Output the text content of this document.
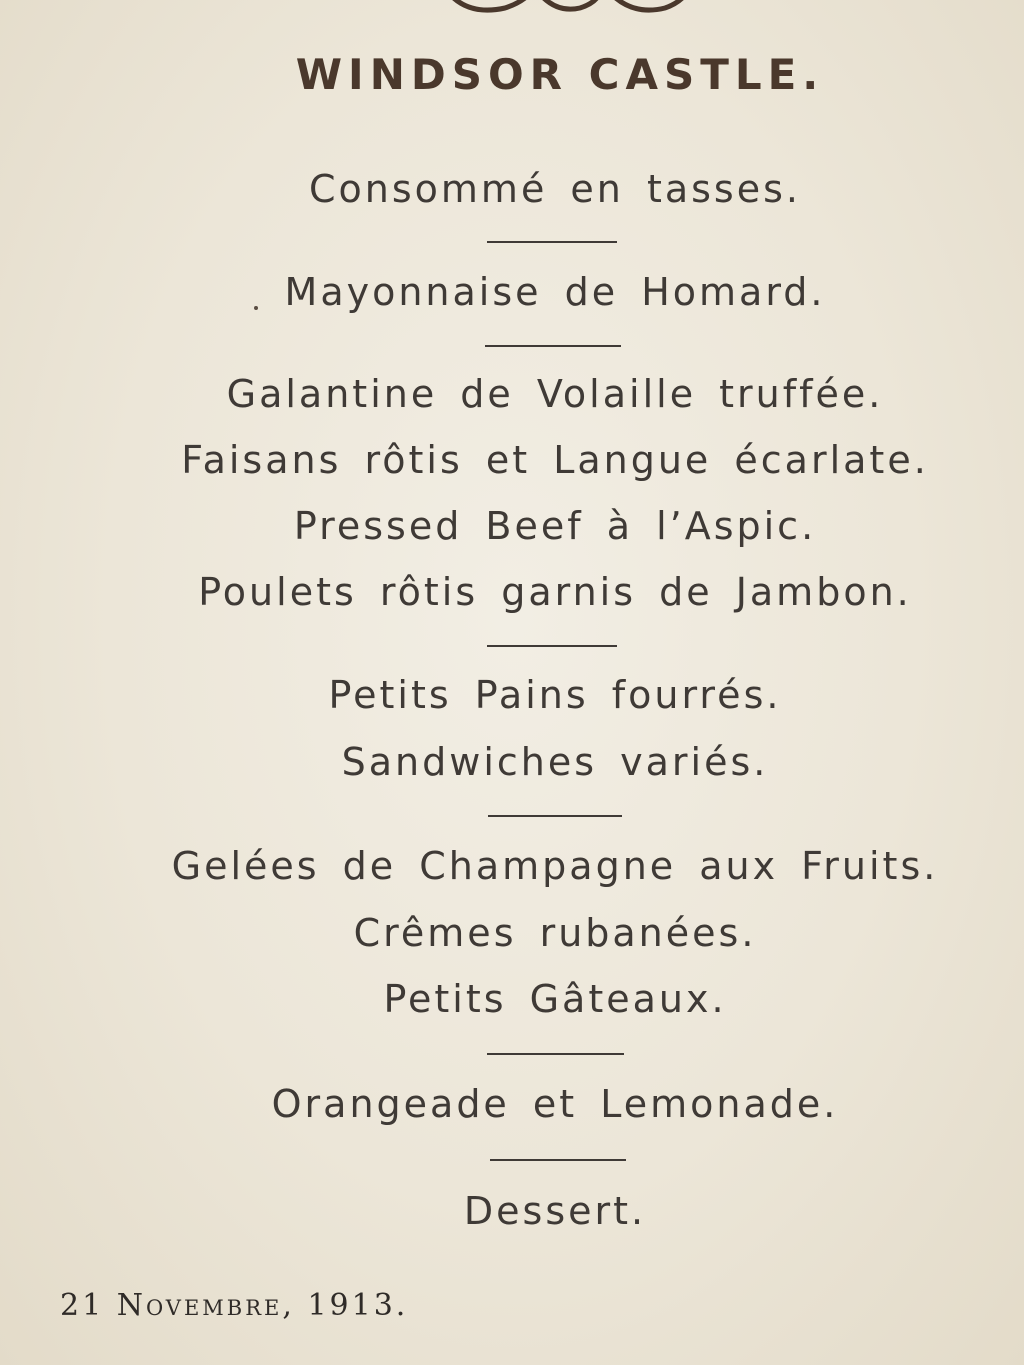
WINDSOR CASTLE.
Consommé en tasses.
Mayonnaise de Homard.
Galantine de Volaille truffée.
Faisans rôtis et Langue écarlate.
Pressed Beef à l’Aspic.
Poulets rôtis garnis de Jambon.
Petits Pains fourrés.
Sandwiches variés.
Gelées de Champagne aux Fruits.
Crêmes rubanées.
Petits Gâteaux.
Orangeade et Lemonade.
Dessert.
21 Novembre, 1913.
